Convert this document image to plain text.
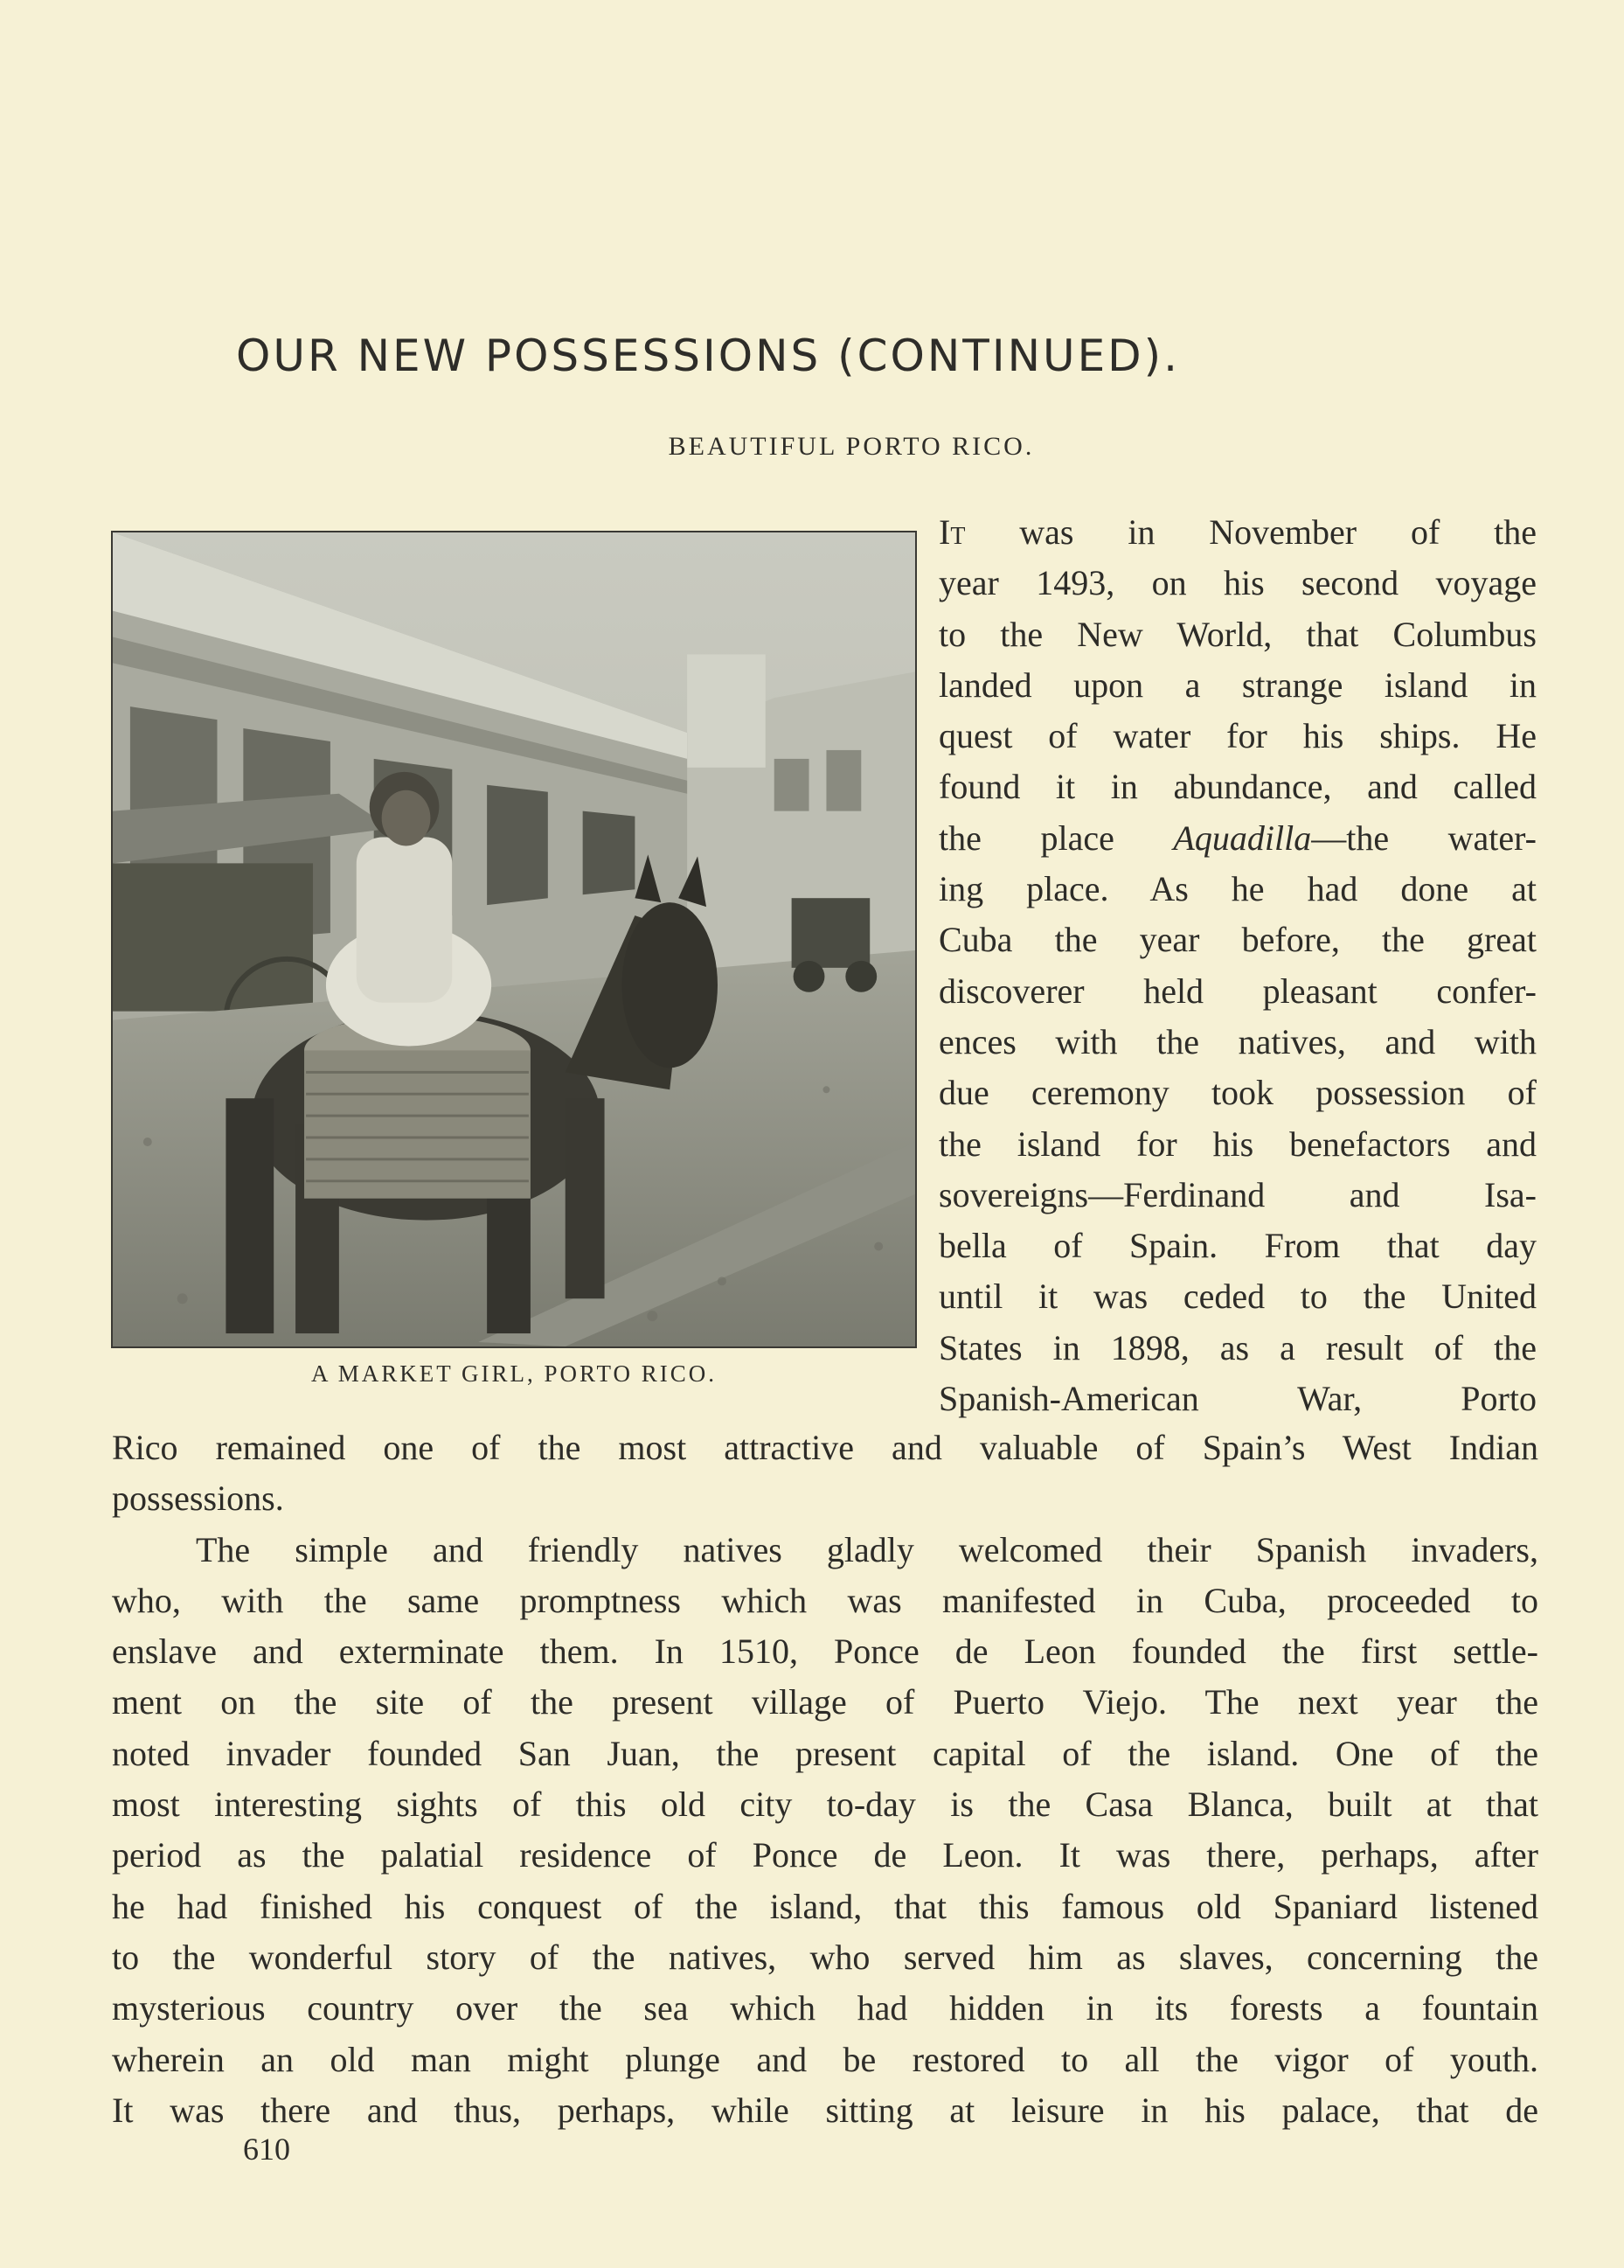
OUR NEW POSSESSIONS (CONTINUED).
BEAUTIFUL PORTO RICO.
A MARKET GIRL, PORTO RICO.
It was in November of the
year 1493, on his second voyage
to the New World, that Columbus
landed upon a strange island in
quest of water for his ships. He
found it in abundance, and called
the place Aquadilla—the water-
ing place. As he had done at
Cuba the year before, the great
discoverer held pleasant confer-
ences with the natives, and with
due ceremony took possession of
the island for his benefactors and
sovereigns—Ferdinand and Isa-
bella of Spain. From that day
until it was ceded to the United
States in 1898, as a result of the
Spanish-American War, Porto
Rico remained one of the most attractive and valuable of Spain’s West Indian
possessions.
The simple and friendly natives gladly welcomed their Spanish invaders,
who, with the same promptness which was manifested in Cuba, proceeded to
enslave and exterminate them. In 1510, Ponce de Leon founded the first settle-
ment on the site of the present village of Puerto Viejo. The next year the
noted invader founded San Juan, the present capital of the island. One of the
most interesting sights of this old city to-day is the Casa Blanca, built at that
period as the palatial residence of Ponce de Leon. It was there, perhaps, after
he had finished his conquest of the island, that this famous old Spaniard listened
to the wonderful story of the natives, who served him as slaves, concerning the
mysterious country over the sea which had hidden in its forests a fountain
wherein an old man might plunge and be restored to all the vigor of youth.
It was there and thus, perhaps, while sitting at leisure in his palace, that de
610
